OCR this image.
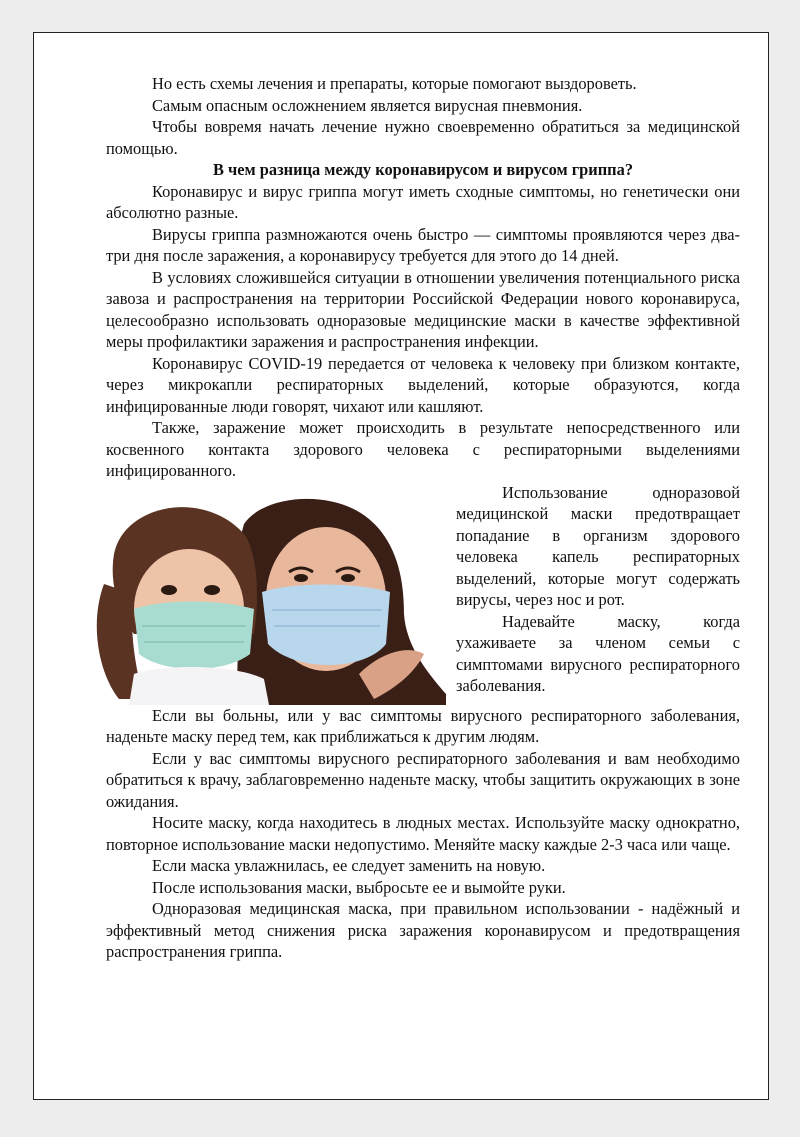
Но есть схемы лечения и препараты, которые помогают выздороветь.

Самым опасным осложнением является вирусная пневмония.

Чтобы вовремя начать лечение нужно своевременно обратиться за медицинской помощью.

В чем разница между коронавирусом и вирусом гриппа?

Коронавирус и вирус гриппа могут иметь сходные симптомы, но генетически они абсолютно разные.

Вирусы гриппа размножаются очень быстро — симптомы проявляются через два-три дня после заражения, а коронавирусу требуется для этого до 14 дней.

В условиях сложившейся ситуации в отношении увеличения потенциального риска завоза и распространения на территории Российской Федерации нового коронавируса, целесообразно использовать одноразовые медицинские маски в качестве эффективной меры профилактики заражения и распространения инфекции.

Коронавирус COVID-19 передается от человека к человеку при близком контакте, через микрокапли респираторных выделений, которые образуются, когда инфицированные люди говорят, чихают или кашляют.

Также, заражение может происходить в результате непосредственного или косвенного контакта здорового человека с респираторными выделениями инфицированного.

Использование одноразовой медицинской маски предотвращает попадание в организм здорового человека капель респираторных выделений, которые могут содержать вирусы, через нос и рот.

Надевайте маску, когда ухаживаете за членом семьи с симптомами вирусного респираторного заболевания.

Если вы больны, или у вас симптомы вирусного респираторного заболевания, наденьте маску перед тем, как приближаться к другим людям.

Если у вас симптомы вирусного респираторного заболевания и вам необходимо обратиться к врачу, заблаговременно наденьте маску, чтобы защитить окружающих в зоне ожидания.

Носите маску, когда находитесь в людных местах. Используйте маску однократно, повторное использование маски недопустимо. Меняйте маску каждые 2-3 часа или чаще.

Если маска увлажнилась, ее следует заменить на новую.

После использования маски, выбросьте ее и вымойте руки.

Одноразовая медицинская маска, при правильном использовании - надёжный и эффективный метод снижения риска заражения коронавирусом и предотвращения распространения гриппа.
